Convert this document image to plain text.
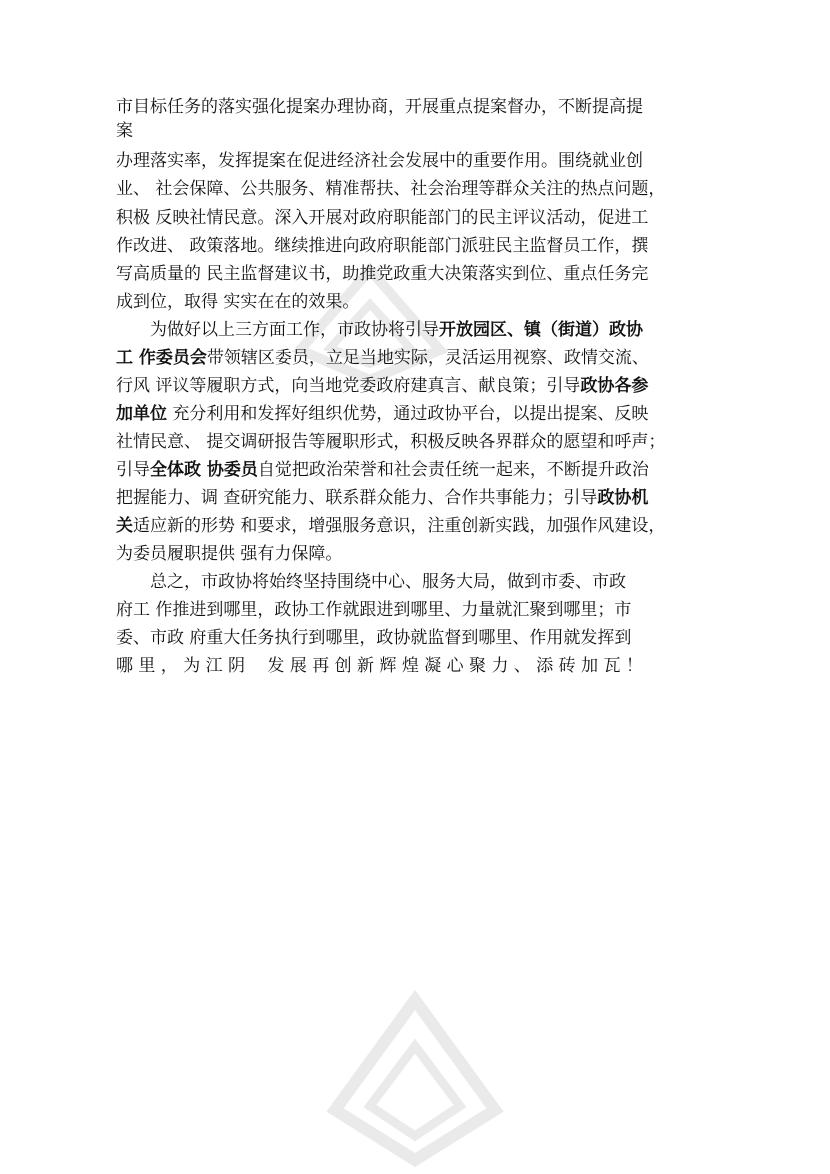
市目标任务的落实强化提案办理协商，开展重点提案督办，不断提高提
案
办理落实率，发挥提案在促进经济社会发展中的重要作用。围绕就业创
业、 社会保障、公共服务、精准帮扶、社会治理等群众关注的热点问题，
积极 反映社情民意。深入开展对政府职能部门的民主评议活动，促进工
作改进、 政策落地。继续推进向政府职能部门派驻民主监督员工作，撰
写高质量的 民主监督建议书，助推党政重大决策落实到位、重点任务完
成到位，取得 实实在在的效果。
为做好以上三方面工作，市政协将引导开放园区、镇（街道）政协
工 作委员会带领辖区委员，立足当地实际，灵活运用视察、政情交流、
行风 评议等履职方式，向当地党委政府建真言、献良策；引导政协各参
加单位 充分利用和发挥好组织优势，通过政协平台，以提出提案、反映
社情民意、 提交调研报告等履职形式，积极反映各界群众的愿望和呼声；
引导全体政 协委员自觉把政治荣誉和社会责任统一起来，不断提升政治
把握能力、调 查研究能力、联系群众能力、合作共事能力；引导政协机
关适应新的形势 和要求，增强服务意识，注重创新实践，加强作风建设，
为委员履职提供 强有力保障。
总之，市政协将始终坚持围绕中心、服务大局，做到市委、市政
府工 作推进到哪里，政协工作就跟进到哪里、力量就汇聚到哪里；市
委、市政 府重大任务执行到哪里，政协就监督到哪里、作用就发挥到
哪 里 ， 为 江 阴　 发 展 再 创 新 辉 煌 凝 心 聚 力 、 添 砖 加 瓦 ！
